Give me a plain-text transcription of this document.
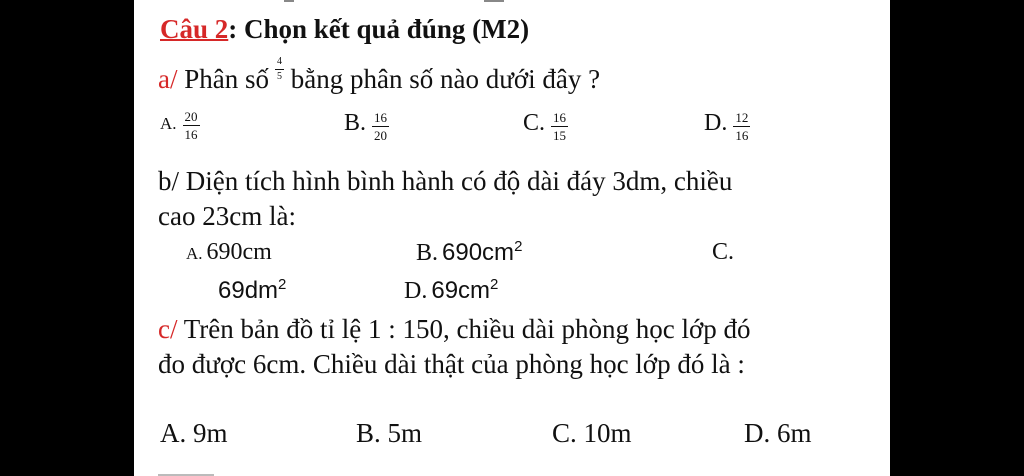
Câu 2: Chọn kết quả đúng (M2)
a/ Phân số $\frac{4}{5}$ bằng phân số nào dưới đây ?
A. $\frac{20}{16}$	B. $\frac{16}{20}$	C. $\frac{16}{15}$	D. $\frac{12}{16}$
b/ Diện tích hình bình hành có độ dài đáy 3dm, chiều
cao 23cm là:
A. 690cm	B. $690cm^2$	C.
$69dm^2$	D. $69cm^2$
c/ Trên bản đồ tỉ lệ 1 : 150, chiều dài phòng học lớp đó
đo được 6cm. Chiều dài thật của phòng học lớp đó là :
A. 9m	B. 5m	C. 10m	D. 6m
